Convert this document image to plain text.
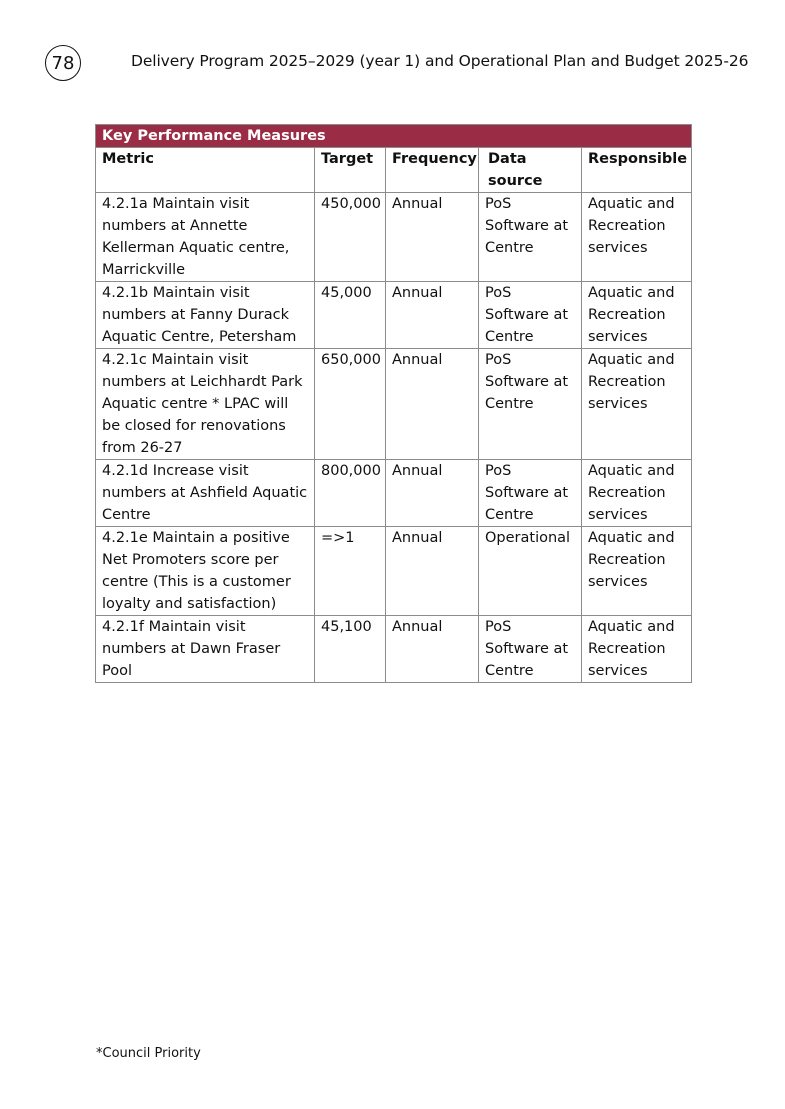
78	Delivery Program 2025–2029 (year 1) and Operational Plan and Budget 2025-26
Key Performance Measures				
Metric	Target	Frequency	Data source	Responsible
4.2.1a Maintain visit numbers at Annette Kellerman Aquatic centre, Marrickville	450,000	Annual	PoS Software at Centre	Aquatic and Recreation services
4.2.1b Maintain visit numbers at Fanny Durack Aquatic Centre, Petersham	45,000	Annual	PoS Software at Centre	Aquatic and Recreation services
4.2.1c Maintain visit numbers at Leichhardt Park Aquatic centre * LPAC will be closed for renovations from 26-27	650,000	Annual	PoS Software at Centre	Aquatic and Recreation services
4.2.1d Increase visit numbers at Ashfield Aquatic Centre	800,000	Annual	PoS Software at Centre	Aquatic and Recreation services
4.2.1e Maintain a positive Net Promoters score per centre (This is a customer loyalty and satisfaction)	=>1	Annual	Operational	Aquatic and Recreation services
4.2.1f Maintain visit numbers at Dawn Fraser Pool	45,100	Annual	PoS Software at Centre	Aquatic and Recreation services
*Council Priority
